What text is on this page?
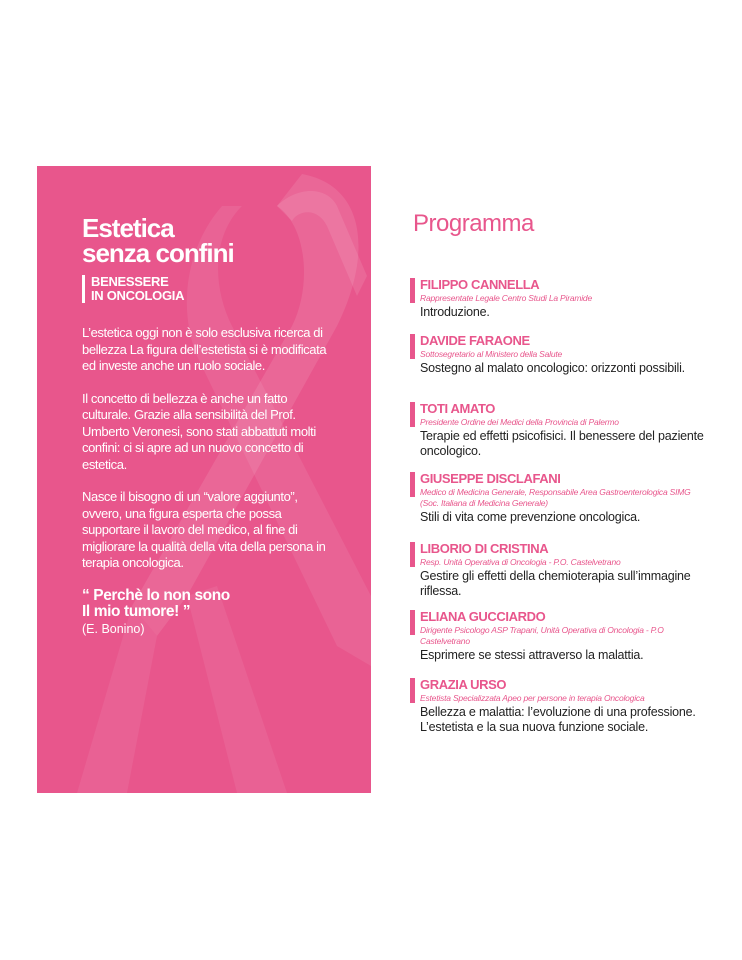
Estetica
senza confini
BENESSERE
IN ONCOLOGIA

L’estetica oggi non è solo esclusiva ricerca di bellezza La figura dell’estetista si è modificata ed investe anche un ruolo sociale.

Il concetto di bellezza è anche un fatto culturale. Grazie alla sensibilità del Prof. Umberto Veronesi, sono stati abbattuti molti confini: ci si apre ad un nuovo concetto di estetica.

Nasce il bisogno di un “valore aggiunto”, ovvero, una figura esperta che possa supportare il lavoro del medico, al fine di migliorare la qualità della vita della persona in terapia oncologica.

“ Perchè lo non sono
Il mio tumore! ”
(E. Bonino)
Programma
FILIPPO CANNELLA
Rappresentate Legale Centro Studi La Piramide
Introduzione.
DAVIDE FARAONE
Sottosegretario al Ministero della Salute
Sostegno al malato oncologico: orizzonti possibili.
TOTI AMATO
Presidente Ordine dei Medici della Provincia di Palermo
Terapie ed effetti psicofisici. Il benessere del paziente oncologico.
GIUSEPPE DISCLAFANI
Medico di Medicina Generale, Responsabile Area Gastroenterologica SIMG (Soc. Italiana di Medicina Generale)
Stili di vita come prevenzione oncologica.
LIBORIO DI CRISTINA
Resp. Unità Operativa di Oncologia - P.O. Castelvetrano
Gestire gli effetti della chemioterapia sull’immagine riflessa.
ELIANA GUCCIARDO
Dirigente Psicologo ASP Trapani, Unità Operativa di Oncologia - P.O Castelvetrano
Esprimere se stessi attraverso la malattia.
GRAZIA URSO
Estetista Specializzata Apeo per persone in terapia Oncologica
Bellezza e malattia: l’evoluzione di una professione. L’estetista e la sua nuova funzione sociale.
